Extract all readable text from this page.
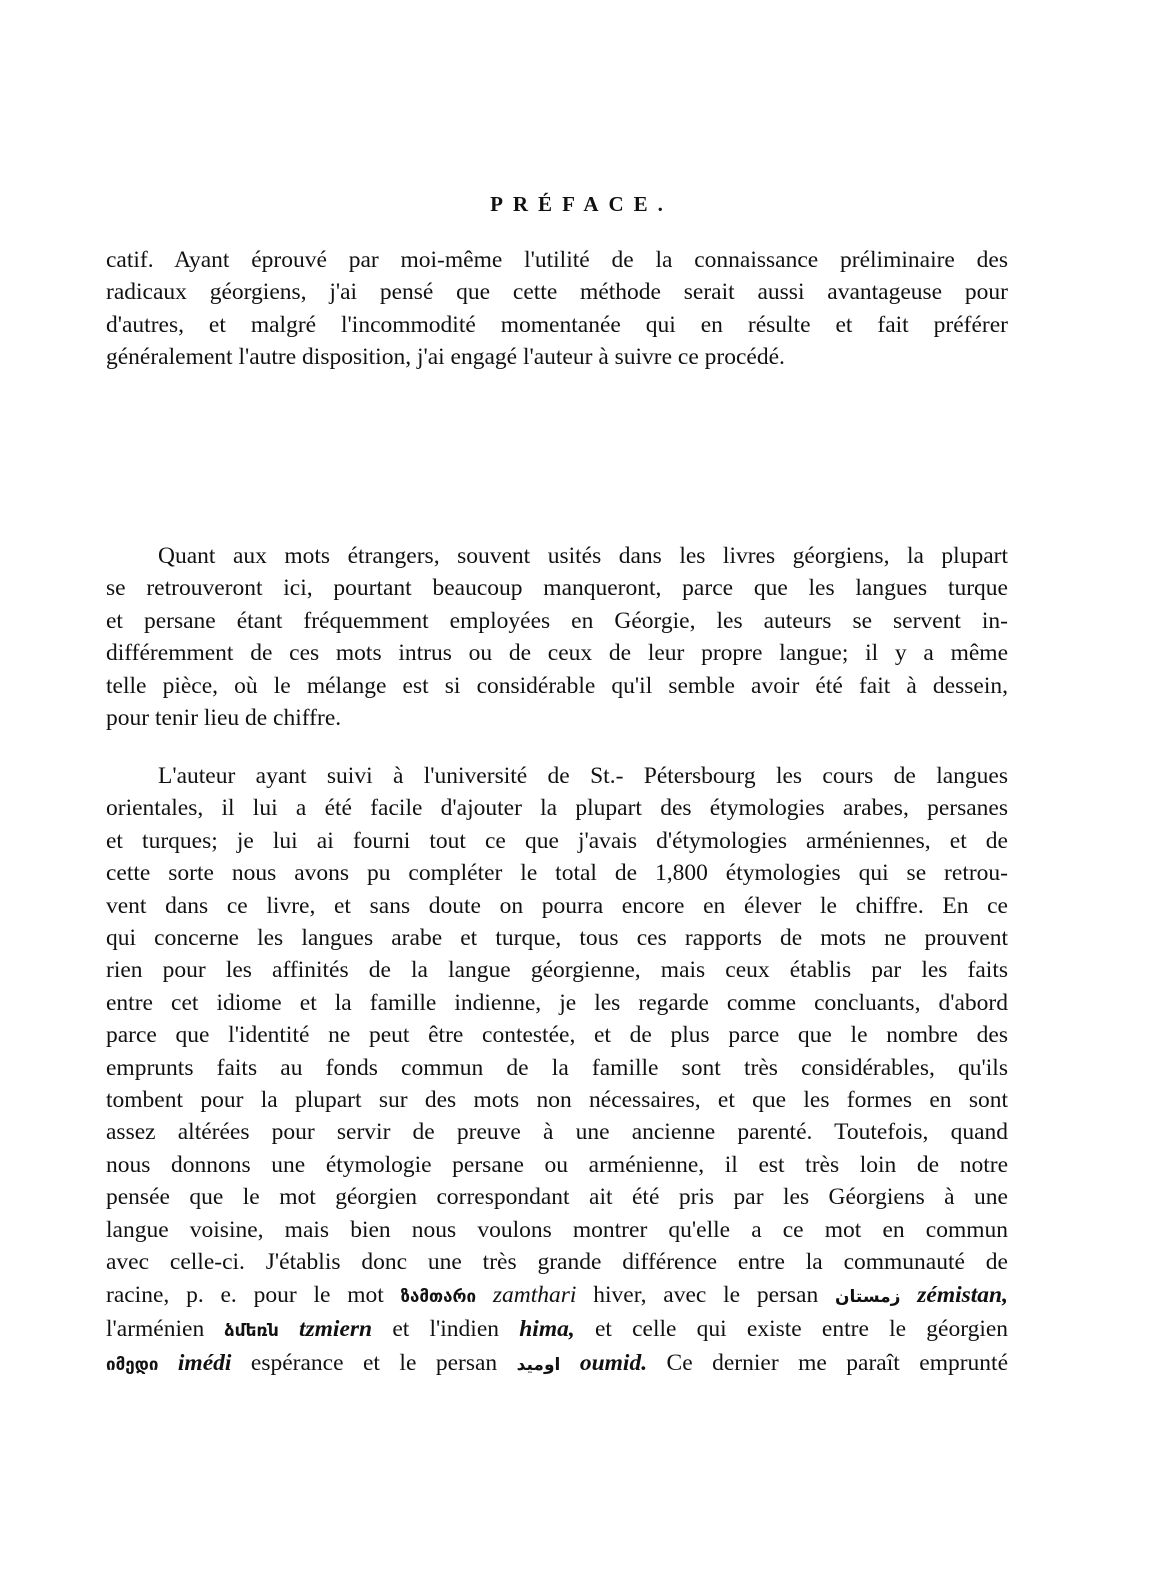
PRÉFACE.
catif. Ayant éprouvé par moi-même l'utilité de la connaissance préliminaire des
radicaux géorgiens, j'ai pensé que cette méthode serait aussi avantageuse pour
d'autres, et malgré l'incommodité momentanée qui en résulte et fait préférer
généralement l'autre disposition, j'ai engagé l'auteur à suivre ce procédé.
Quant aux mots étrangers, souvent usités dans les livres géorgiens, la plupart
se retrouveront ici, pourtant beaucoup manqueront, parce que les langues turque
et persane étant fréquemment employées en Géorgie, les auteurs se servent in-
différemment de ces mots intrus ou de ceux de leur propre langue; il y a même
telle pièce, où le mélange est si considérable qu'il semble avoir été fait à dessein,
pour tenir lieu de chiffre.
L'auteur ayant suivi à l'université de St.- Pétersbourg les cours de langues
orientales, il lui a été facile d'ajouter la plupart des étymologies arabes, persanes
et turques; je lui ai fourni tout ce que j'avais d'étymologies arméniennes, et de
cette sorte nous avons pu compléter le total de 1,800 étymologies qui se retrou-
vent dans ce livre, et sans doute on pourra encore en élever le chiffre. En ce
qui concerne les langues arabe et turque, tous ces rapports de mots ne prouvent
rien pour les affinités de la langue géorgienne, mais ceux établis par les faits
entre cet idiome et la famille indienne, je les regarde comme concluants, d'abord
parce que l'identité ne peut être contestée, et de plus parce que le nombre des
emprunts faits au fonds commun de la famille sont très considérables, qu'ils
tombent pour la plupart sur des mots non nécessaires, et que les formes en sont
assez altérées pour servir de preuve à une ancienne parenté. Toutefois, quand
nous donnons une étymologie persane ou arménienne, il est très loin de notre
pensée que le mot géorgien correspondant ait été pris par les Géorgiens à une
langue voisine, mais bien nous voulons montrer qu'elle a ce mot en commun
avec celle-ci. J'établis donc une très grande différence entre la communauté de
racine, p. e. pour le mot ზამთარი zamthari hiver, avec le persan زمستان zémistan,
l'arménien ձմեռն tzmiern et l'indien hima, et celle qui existe entre le géorgien
იმედი imédi espérance et le persan اومید oumid. Ce dernier me paraît emprunté
